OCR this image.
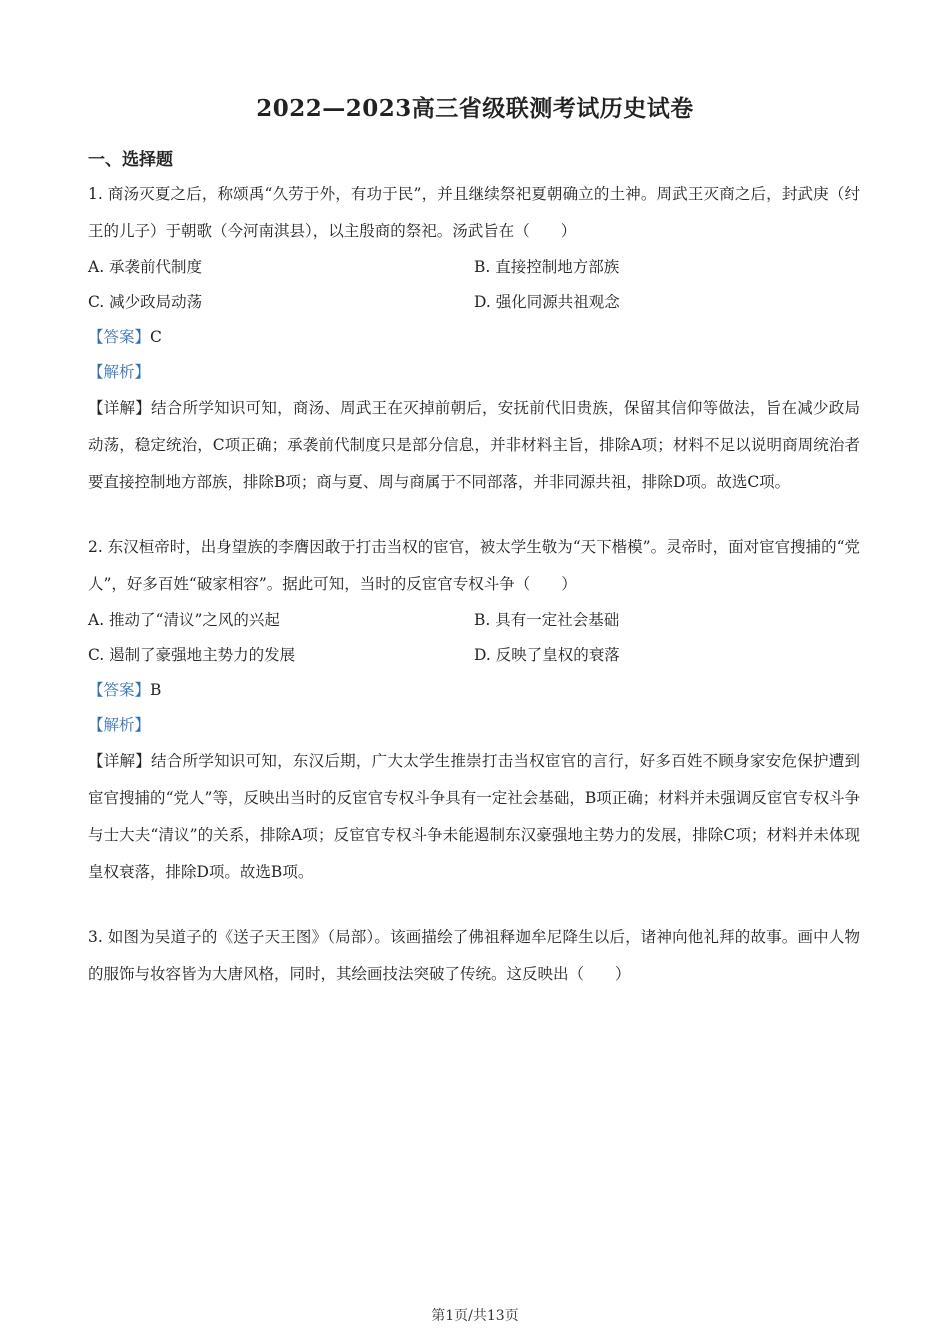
2022—2023高三省级联测考试历史试卷
一、选择题

1. 商汤灭夏之后，称颂禹“久劳于外，有功于民”，并且继续祭祀夏朝确立的土神。周武王灭商之后，封武庚（纣王的儿子）于朝歌（今河南淇县），以主殷商的祭祀。汤武旨在（　　）

A. 承袭前代制度	B. 直接控制地方部族
C. 减少政局动荡	D. 强化同源共祖观念
【答案】C
【解析】

【详解】结合所学知识可知，商汤、周武王在灭掉前朝后，安抚前代旧贵族，保留其信仰等做法，旨在减少政局动荡，稳定统治，C项正确；承袭前代制度只是部分信息，并非材料主旨，排除A项；材料不足以说明商周统治者要直接控制地方部族，排除B项；商与夏、周与商属于不同部落，并非同源共祖，排除D项。故选C项。

2. 东汉桓帝时，出身望族的李膺因敢于打击当权的宦官，被太学生敬为“天下楷模”。灵帝时，面对宦官搜捕的“党人”，好多百姓“破家相容”。据此可知，当时的反宦官专权斗争（　　）

A. 推动了“清议”之风的兴起	B. 具有一定社会基础
C. 遏制了豪强地主势力的发展	D. 反映了皇权的衰落
【答案】B
【解析】

【详解】结合所学知识可知，东汉后期，广大太学生推崇打击当权宦官的言行，好多百姓不顾身家安危保护遭到宦官搜捕的“党人”等，反映出当时的反宦官专权斗争具有一定社会基础，B项正确；材料并未强调反宦官专权斗争与士大夫“清议”的关系，排除A项；反宦官专权斗争未能遏制东汉豪强地主势力的发展，排除C项；材料并未体现皇权衰落，排除D项。故选B项。

3. 如图为吴道子的《送子天王图》（局部）。该画描绘了佛祖释迦牟尼降生以后，诸神向他礼拜的故事。画中人物的服饰与妆容皆为大唐风格，同时，其绘画技法突破了传统。这反映出（　　）

第1页/共13页
